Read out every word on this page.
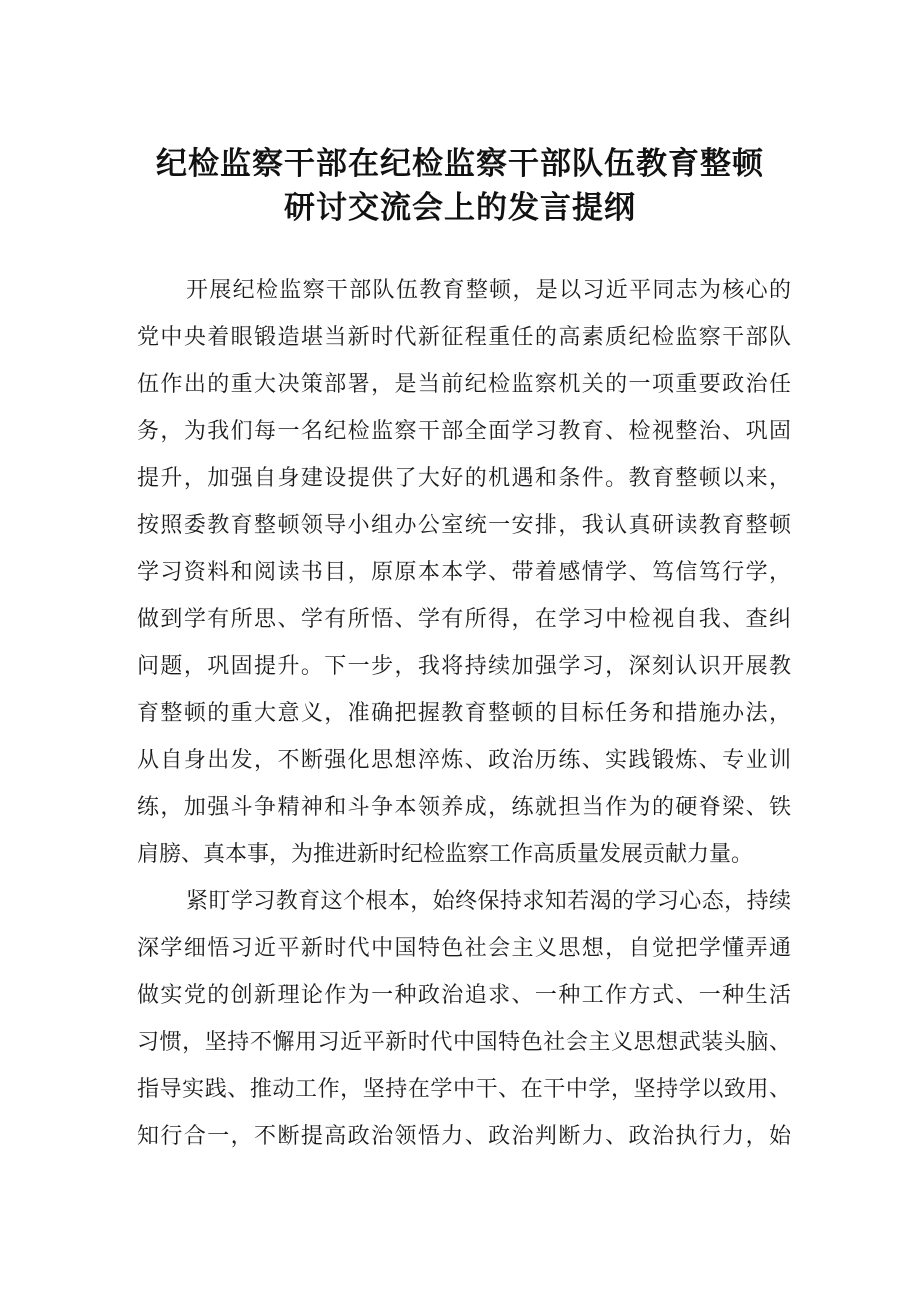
纪检监察干部在纪检监察干部队伍教育整顿
研讨交流会上的发言提纲
开展纪检监察干部队伍教育整顿，是以习近平同志为核心的
党中央着眼锻造堪当新时代新征程重任的高素质纪检监察干部队
伍作出的重大决策部署，是当前纪检监察机关的一项重要政治任
务，为我们每一名纪检监察干部全面学习教育、检视整治、巩固
提升，加强自身建设提供了大好的机遇和条件。教育整顿以来，
按照委教育整顿领导小组办公室统一安排，我认真研读教育整顿
学习资料和阅读书目，原原本本学、带着感情学、笃信笃行学，
做到学有所思、学有所悟、学有所得，在学习中检视自我、查纠
问题，巩固提升。下一步，我将持续加强学习，深刻认识开展教
育整顿的重大意义，准确把握教育整顿的目标任务和措施办法，
从自身出发，不断强化思想淬炼、政治历练、实践锻炼、专业训
练，加强斗争精神和斗争本领养成，练就担当作为的硬脊梁、铁
肩膀、真本事，为推进新时纪检监察工作高质量发展贡献力量。
紧盯学习教育这个根本，始终保持求知若渴的学习心态，持续
深学细悟习近平新时代中国特色社会主义思想，自觉把学懂弄通
做实党的创新理论作为一种政治追求、一种工作方式、一种生活
习惯，坚持不懈用习近平新时代中国特色社会主义思想武装头脑、
指导实践、推动工作，坚持在学中干、在干中学，坚持学以致用、
知行合一，不断提高政治领悟力、政治判断力、政治执行力，始
